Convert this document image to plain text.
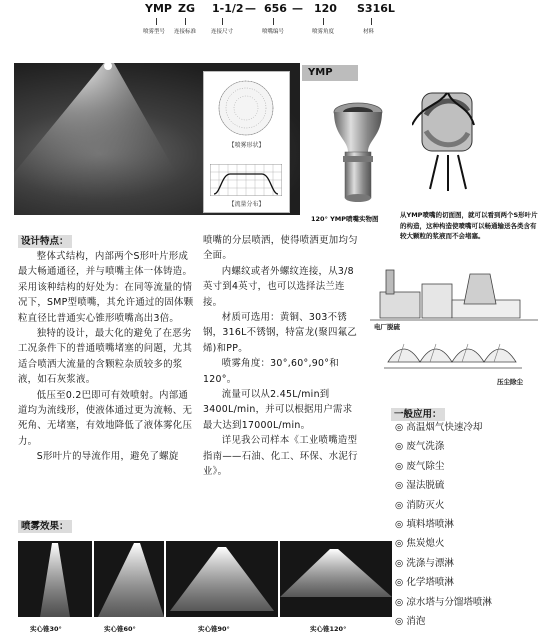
YMP ZG 1-1/2 — 656 — 120 S316L
喷雾型号 连接标准	连接尺寸	喷嘴编号	喷雾角度	材料
【喷雾形状】
【流量分布】
YMP
120° YMP喷嘴实物图	从YMP喷嘴的切面图，就可以看到两个S形叶片的构造，这种构造使喷嘴可以畅通输送各类含有较大颗粒的浆液而不会堵塞。
设计特点：

整体式结构，内部两个S形叶片形成最大畅通通径，并与喷嘴主体一体铸造。采用该种结构的好处为：在同等流量的情况下，SMP型喷嘴，其允许通过的固体颗粒直径比普通实心锥形喷嘴高出3倍。

独特的设计，最大化的避免了在恶劣工况条件下的普通喷嘴堵塞的问题，尤其适合喷洒大流量的含颗粒杂质较多的浆液，如石灰浆液。

低压至0.2巴即可有效喷射。内部通道均为流线形，使液体通过更为流畅、无死角、无堵塞，有效地降低了液体雾化压力。

S形叶片的导流作用，避免了螺旋

喷嘴的分层喷洒，使得喷洒更加均匀全面。

内螺纹或者外螺纹连接，从3/8英寸到4英寸，也可以选择法兰连接。

材质可选用：黄铜、303不锈钢，316L不锈钢，特富龙(聚四氟乙烯)和PP。

喷雾角度：30°,60°,90°和120°。

流量可以从2.45L/min到3400L/min，并可以根据用户需求最大达到17000L/min。

详见我公司样本《工业喷嘴造型指南——石油、化工、环保、水泥行业》。

电厂脱硫
压尘除尘
一般应用：
◎ 高温烟气快速冷却
◎ 废气洗涤
◎ 废气除尘
◎ 湿法脱硫
◎ 消防灭火
◎ 填料塔喷淋
◎ 焦炭熄火
◎ 洗涤与漂淋
◎ 化学塔喷淋
◎ 凉水塔与分馏塔喷淋
◎ 消泡
喷雾效果：
实心锥30°	实心锥60°	实心锥90°	实心锥120°
